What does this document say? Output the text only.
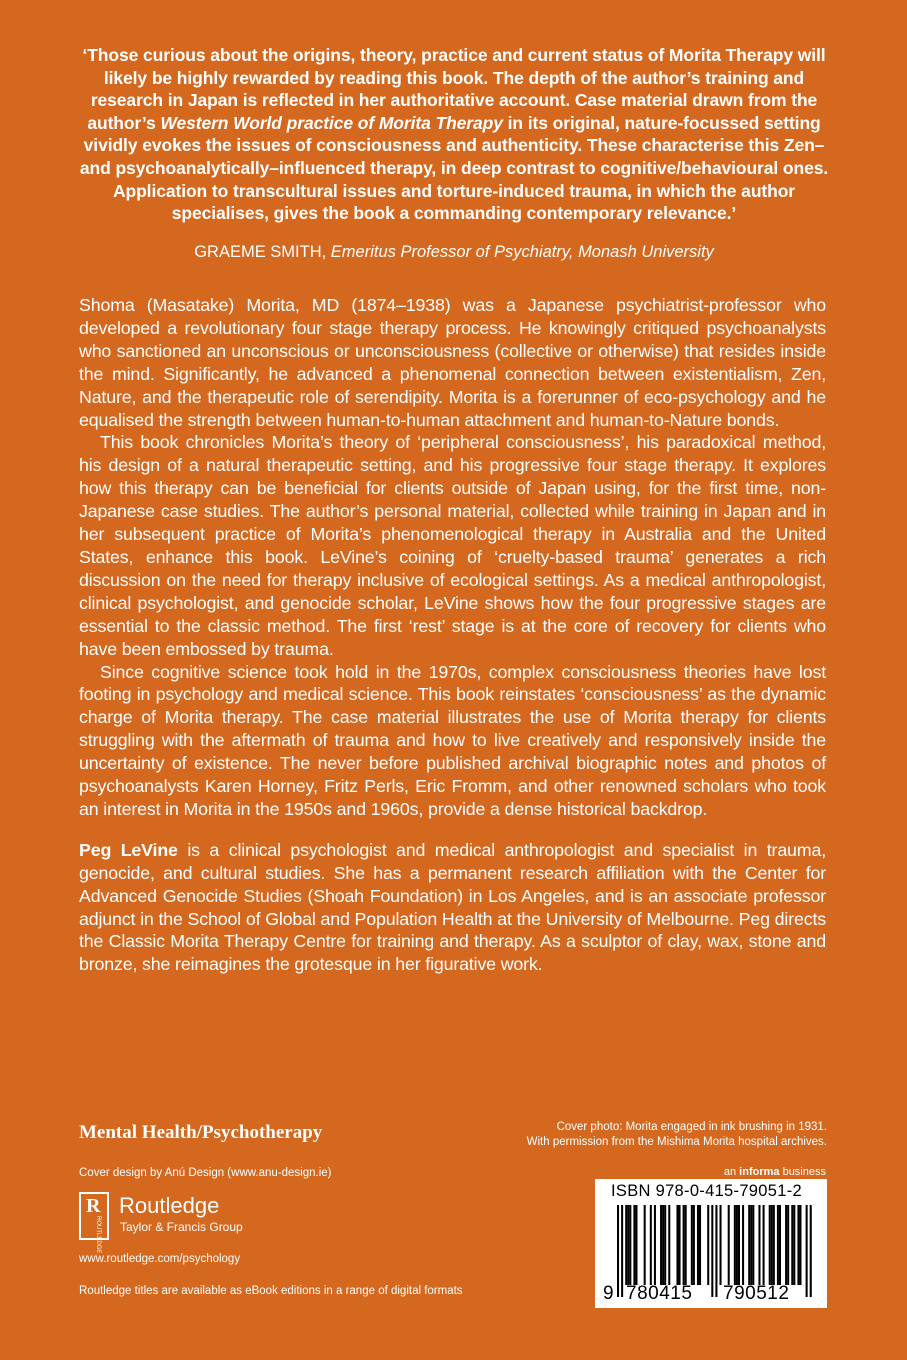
‘Those curious about the origins, theory, practice and current status of Morita Therapy will likely be highly rewarded by reading this book. The depth of the author’s training and research in Japan is reflected in her authoritative account. Case material drawn from the author’s Western World practice of Morita Therapy in its original, nature-focussed setting vividly evokes the issues of consciousness and authenticity. These characterise this Zen– and psychoanalytically–influenced therapy, in deep contrast to cognitive/behavioural ones. Application to transcultural issues and torture-induced trauma, in which the author specialises, gives the book a commanding contemporary relevance.’
GRAEME SMITH, Emeritus Professor of Psychiatry, Monash University

Shoma (Masatake) Morita, MD (1874–1938) was a Japanese psychiatrist-professor who developed a revolutionary four stage therapy process. He knowingly critiqued psychoanalysts who sanctioned an unconscious or unconsciousness (collective or otherwise) that resides inside the mind. Significantly, he advanced a phenomenal connection between existentialism, Zen, Nature, and the therapeutic role of serendipity. Morita is a forerunner of eco-psychology and he equalised the strength between human-to-human attachment and human-to-Nature bonds.

This book chronicles Morita’s theory of ‘peripheral consciousness’, his paradoxical method, his design of a natural therapeutic setting, and his progressive four stage therapy. It explores how this therapy can be beneficial for clients outside of Japan using, for the first time, non-Japanese case studies. The author’s personal material, collected while training in Japan and in her subsequent practice of Morita’s phenomenological therapy in Australia and the United States, enhance this book. LeVine’s coining of ‘cruelty-based trauma’ generates a rich discussion on the need for therapy inclusive of ecological settings. As a medical anthropologist, clinical psychologist, and genocide scholar, LeVine shows how the four progressive stages are essential to the classic method. The first ‘rest’ stage is at the core of recovery for clients who have been embossed by trauma.

Since cognitive science took hold in the 1970s, complex consciousness theories have lost footing in psychology and medical science. This book reinstates ‘consciousness’ as the dynamic charge of Morita therapy. The case material illustrates the use of Morita therapy for clients struggling with the aftermath of trauma and how to live creatively and responsively inside the uncertainty of existence. The never before published archival biographic notes and photos of psychoanalysts Karen Horney, Fritz Perls, Eric Fromm, and other renowned scholars who took an interest in Morita in the 1950s and 1960s, provide a dense historical backdrop.

Peg LeVine is a clinical psychologist and medical anthropologist and specialist in trauma, genocide, and cultural studies. She has a permanent research affiliation with the Center for Advanced Genocide Studies (Shoah Foundation) in Los Angeles, and is an associate professor adjunct in the School of Global and Population Health at the University of Melbourne. Peg directs the Classic Morita Therapy Centre for training and therapy. As a sculptor of clay, wax, stone and bronze, she reimagines the grotesque in her figurative work.

Mental Health/Psychotherapy	Cover photo: Morita engaged in ink brushing in 1931.
With permission from the Mishima Morita hospital archives.
an informa business
Cover design by Anú Design (www.anu-design.ie)
R
ROUTLEDGE
Routledge
Taylor & Francis Group
www.routledge.com/psychology
Routledge titles are available as eBook editions in a range of digital formats
ISBN 978-0-415-79051-2
9 780415 790512
